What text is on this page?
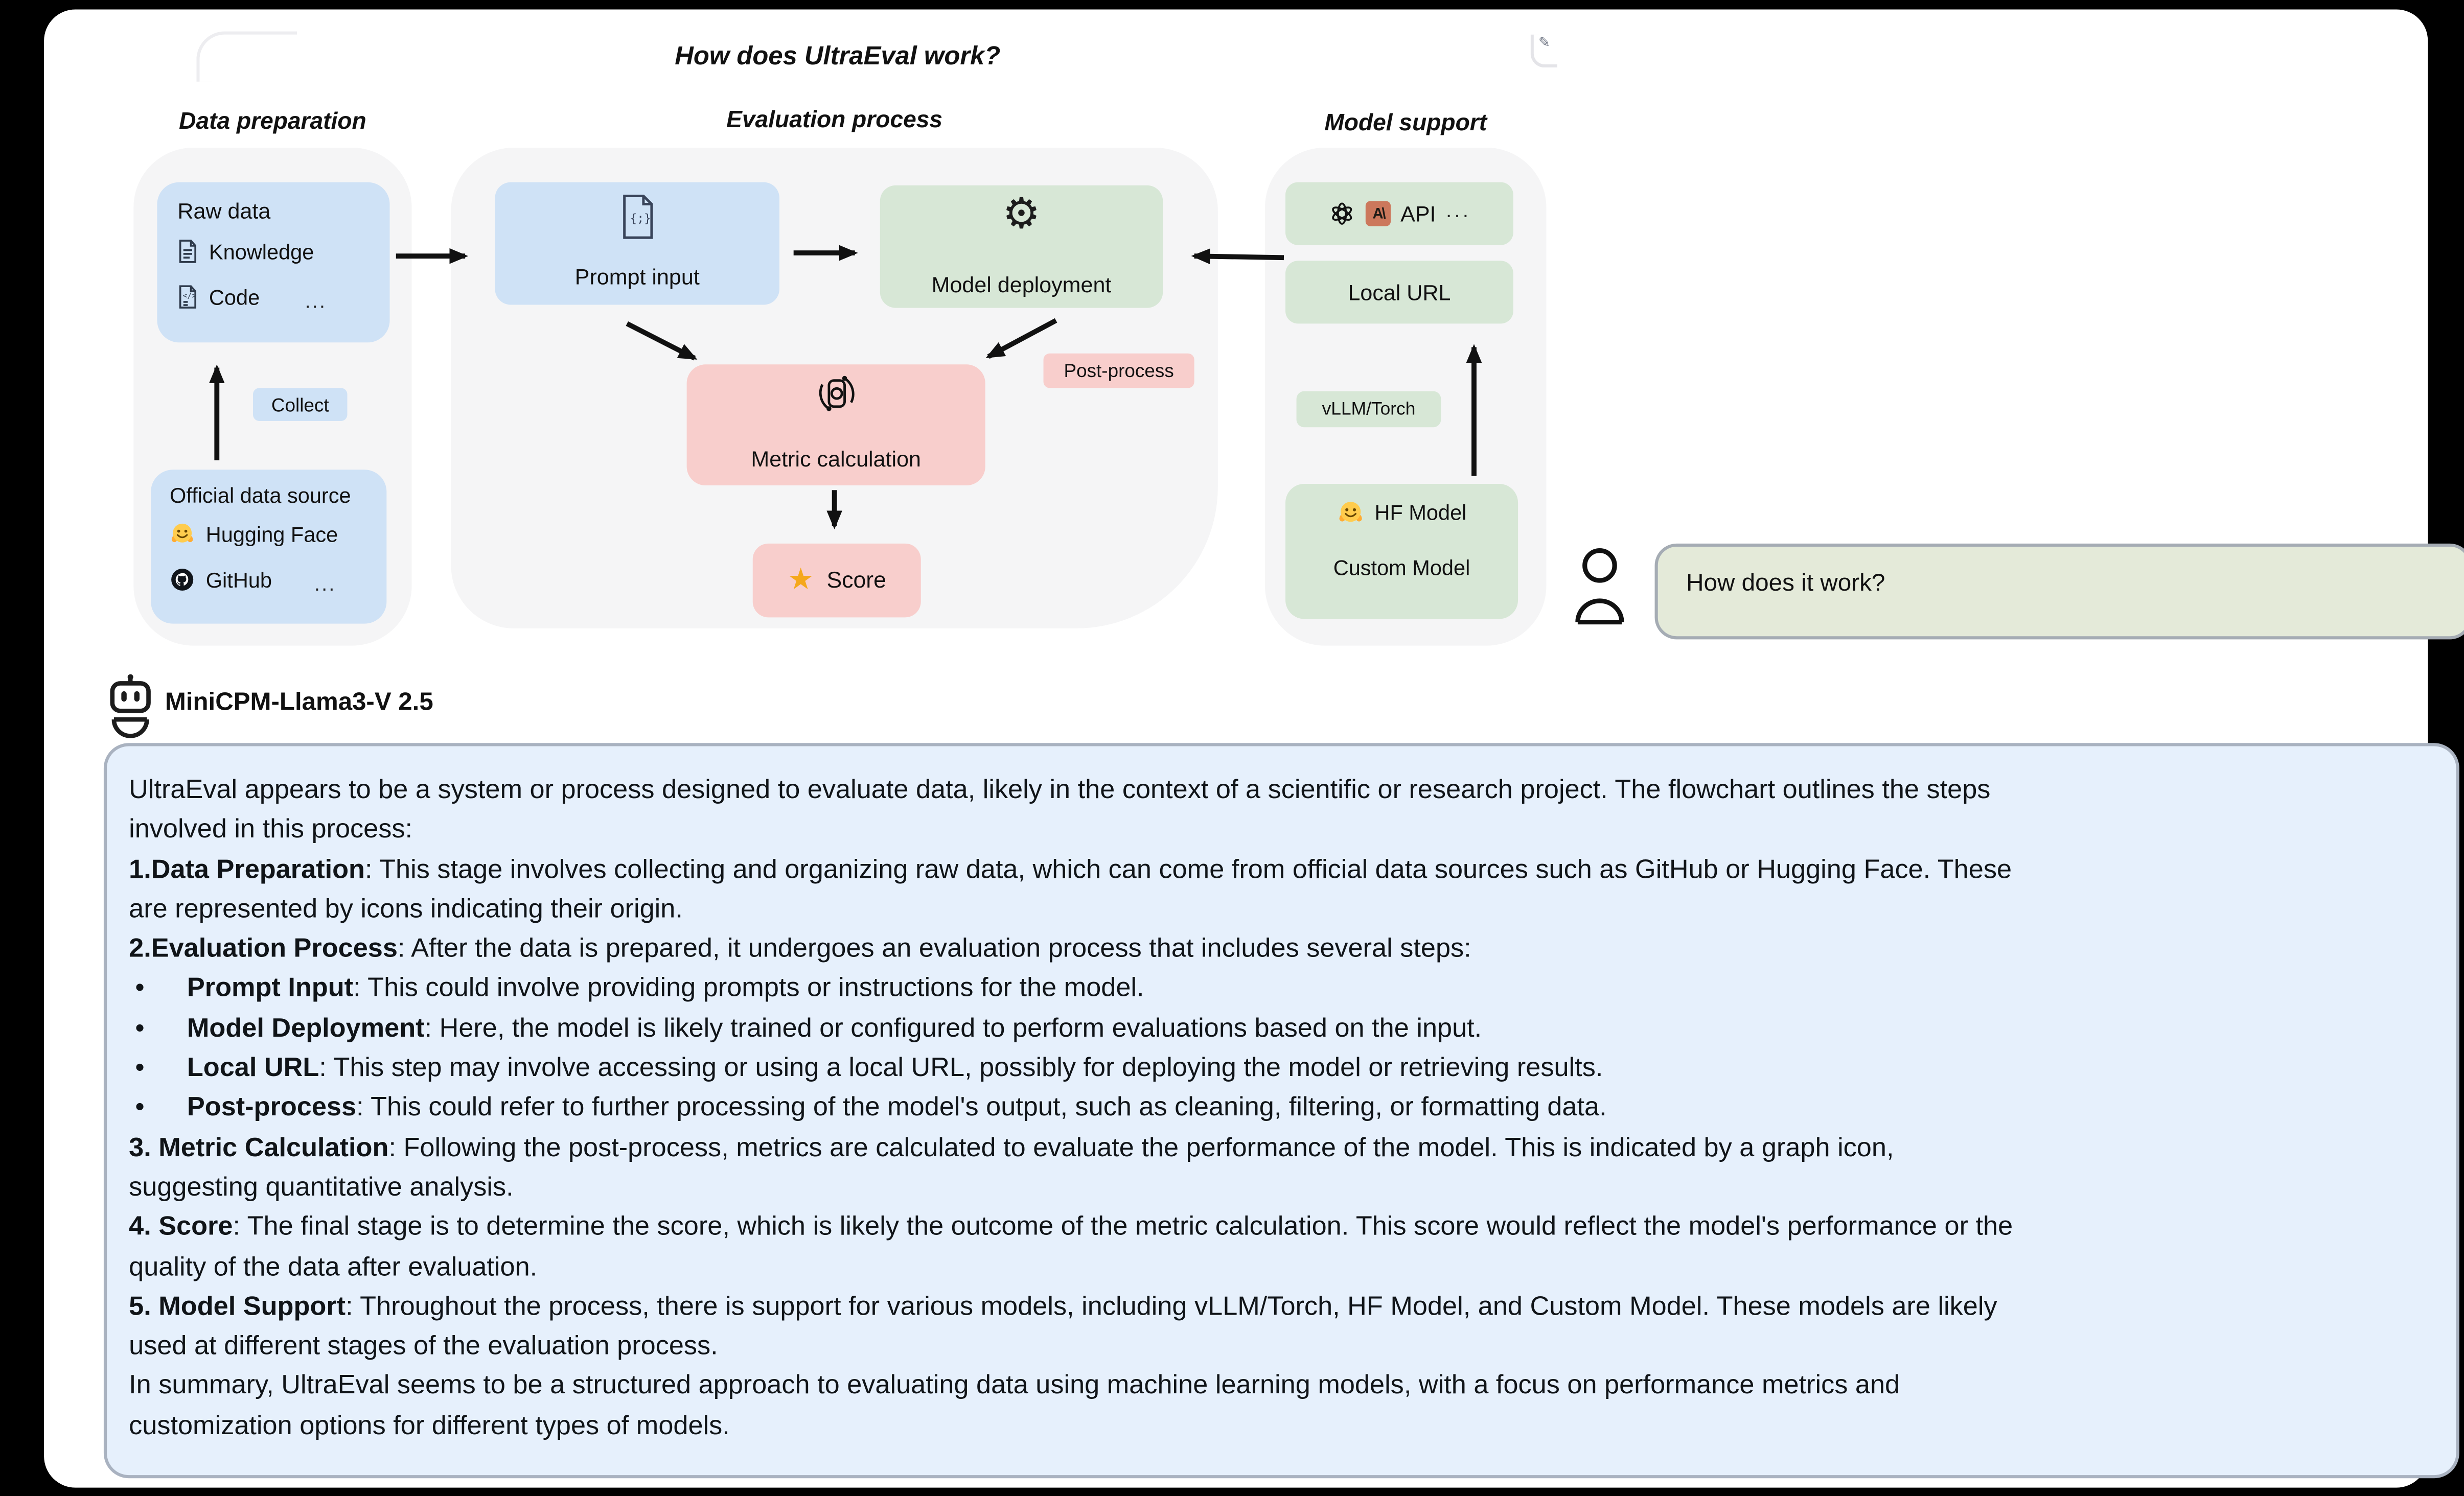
✎
How does UltraEval work?
Data preparation	Evaluation process	Model support
Raw data
Knowledge
</> Code	...
Collect
Official data source
Hugging Face
GitHub	...
{;}
Prompt input
⚙
Model deployment
Metric calculation
Post-process
★ Score
A\	API ···
Local URL
vLLM/Torch
HF Model
Custom Model
How does it work?
MiniCPM-Llama3-V 2.5
UltraEval appears to be a system or process designed to evaluate data, likely in the context of a scientific or research project. The flowchart outlines the steps
involved in this process:
1.Data Preparation: This stage involves collecting and organizing raw data, which can come from official data sources such as GitHub or Hugging Face. These
are represented by icons indicating their origin.
2.Evaluation Process: After the data is prepared, it undergoes an evaluation process that includes several steps:
•	Prompt Input: This could involve providing prompts or instructions for the model.
•	Model Deployment: Here, the model is likely trained or configured to perform evaluations based on the input.
•	Local URL: This step may involve accessing or using a local URL, possibly for deploying the model or retrieving results.
•	Post-process: This could refer to further processing of the model's output, such as cleaning, filtering, or formatting data.
3. Metric Calculation: Following the post-process, metrics are calculated to evaluate the performance of the model. This is indicated by a graph icon,
suggesting quantitative analysis.
4. Score: The final stage is to determine the score, which is likely the outcome of the metric calculation. This score would reflect the model's performance or the
quality of the data after evaluation.
5. Model Support: Throughout the process, there is support for various models, including vLLM/Torch, HF Model, and Custom Model. These models are likely
used at different stages of the evaluation process.
In summary, UltraEval seems to be a structured approach to evaluating data using machine learning models, with a focus on performance metrics and
customization options for different types of models.
